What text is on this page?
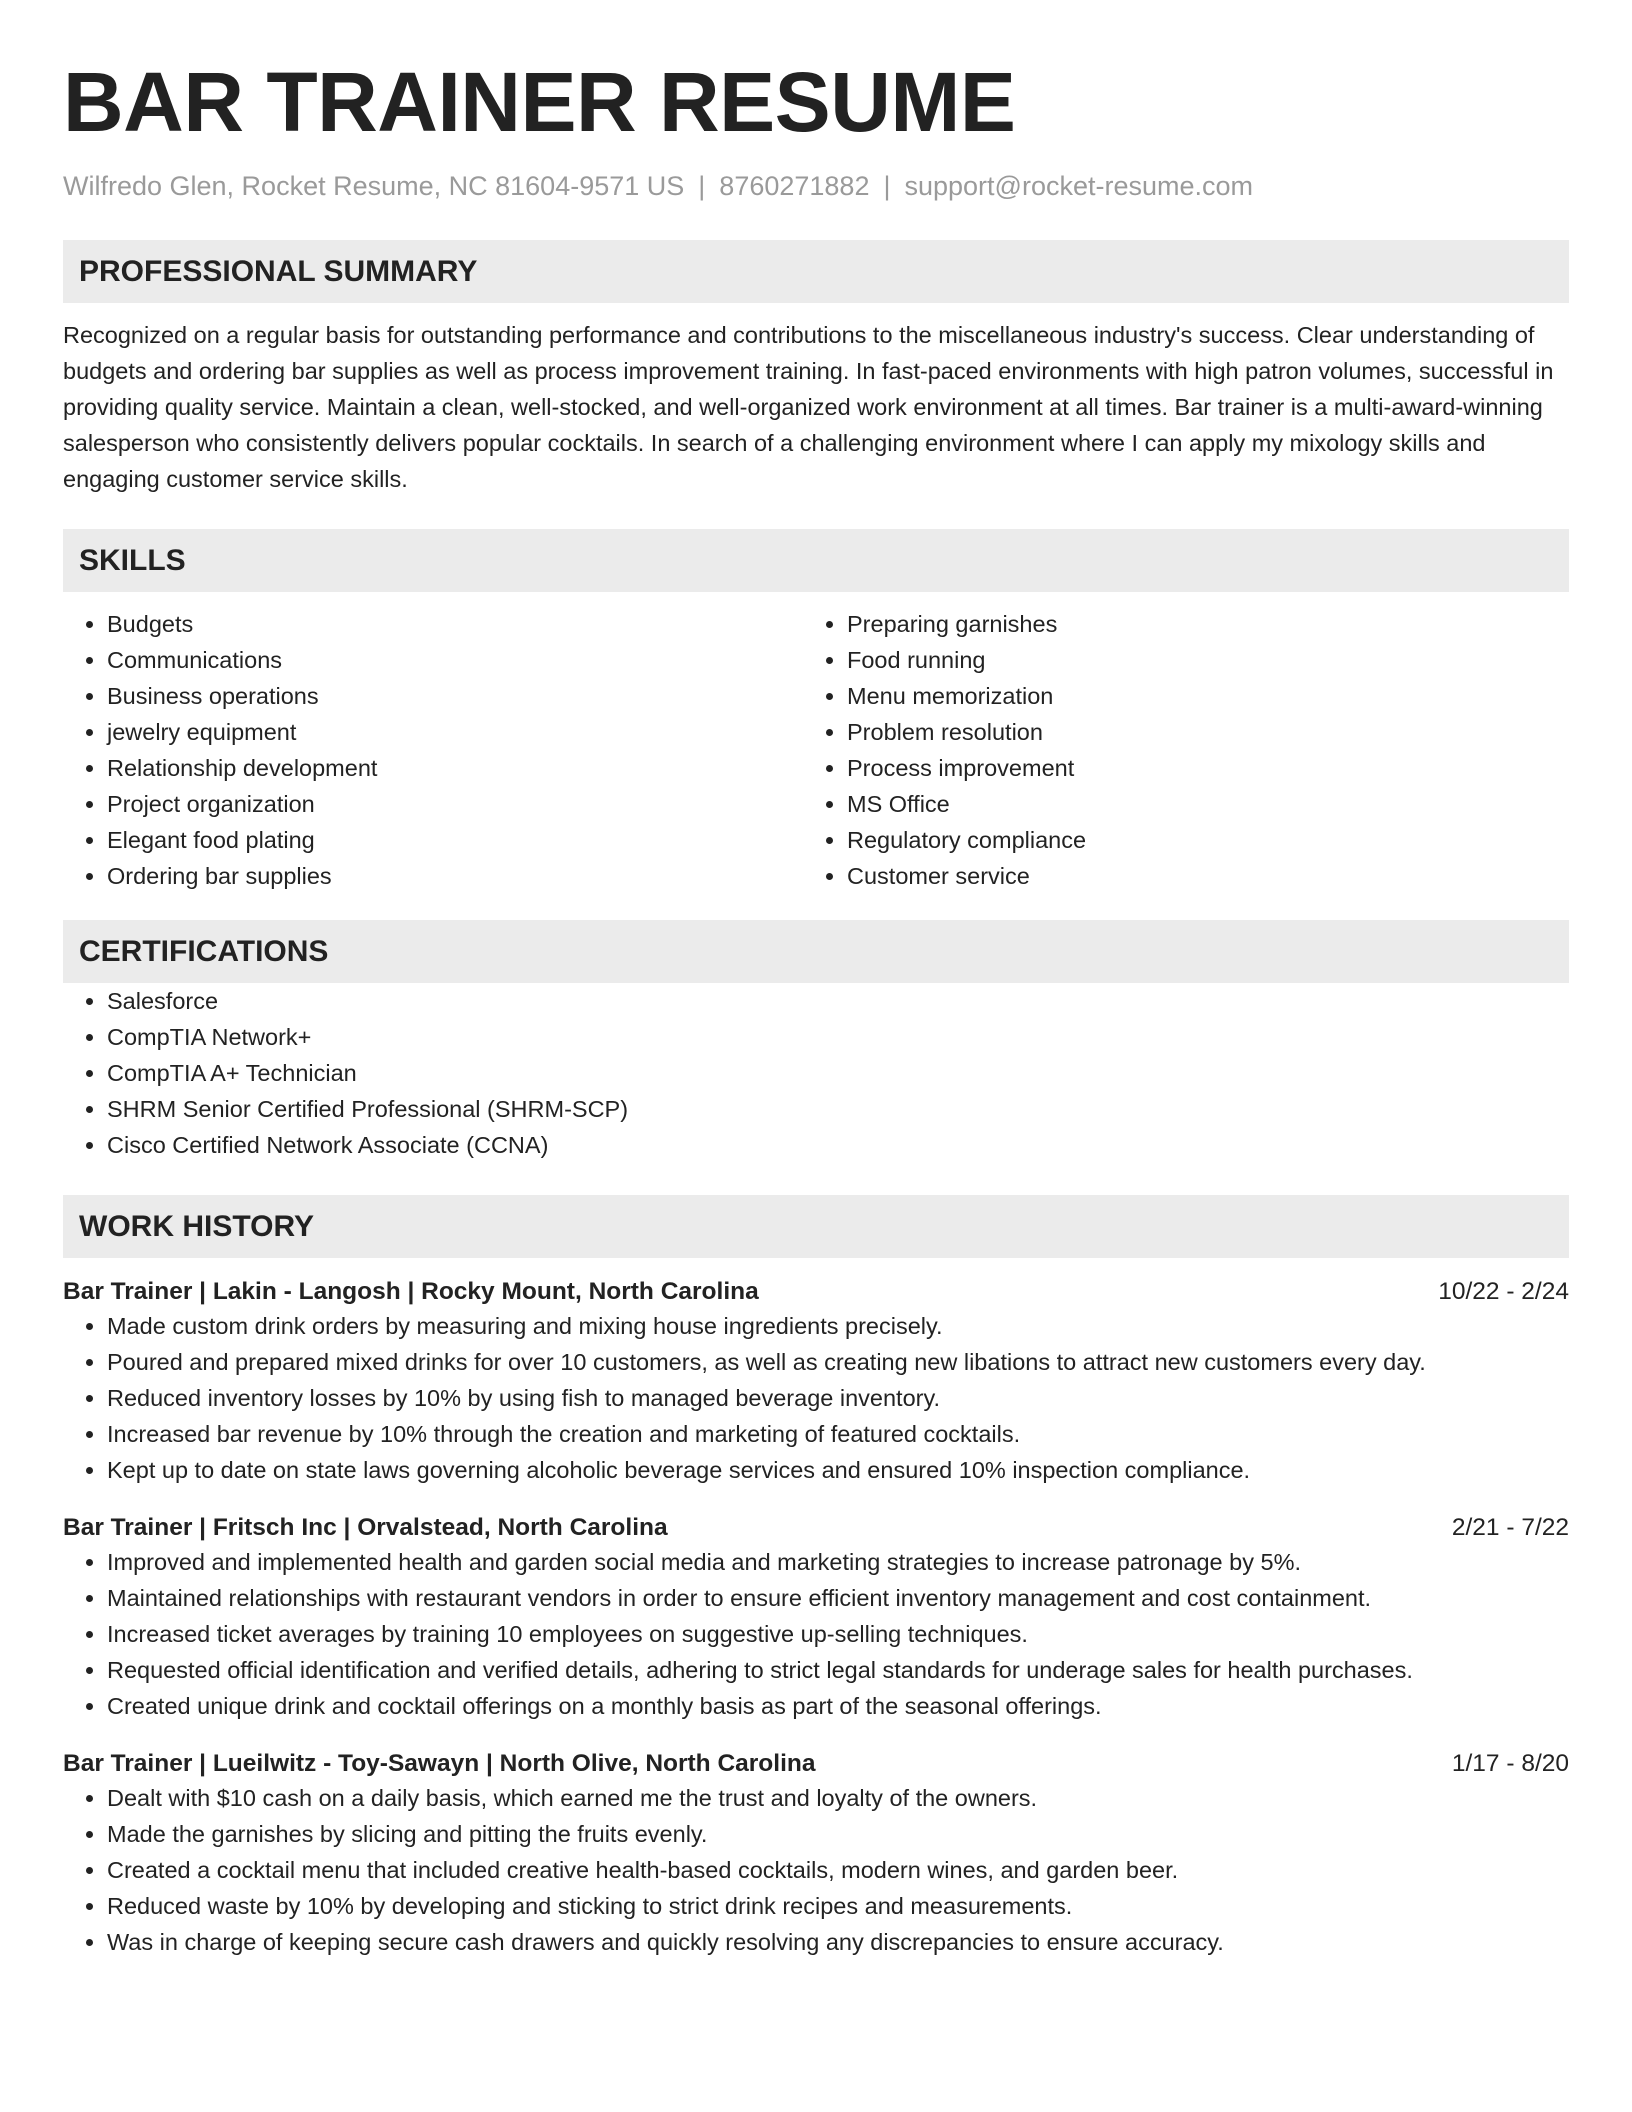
BAR TRAINER RESUME
Wilfredo Glen, Rocket Resume, NC 81604-9571 US | 8760271882 | support@rocket-resume.com
PROFESSIONAL SUMMARY

Recognized on a regular basis for outstanding performance and contributions to the miscellaneous industry's success. Clear understanding of budgets and ordering bar supplies as well as process improvement training. In fast-paced environments with high patron volumes, successful in providing quality service. Maintain a clean, well-stocked, and well-organized work environment at all times. Bar trainer is a multi-award-winning salesperson who consistently delivers popular cocktails. In search of a challenging environment where I can apply my mixology skills and engaging customer service skills.

SKILLS
• Budgets
• Communications
• Business operations
• jewelry equipment
• Relationship development
• Project organization
• Elegant food plating
• Ordering bar supplies
• Preparing garnishes
• Food running
• Menu memorization
• Problem resolution
• Process improvement
• MS Office
• Regulatory compliance
• Customer service
CERTIFICATIONS
• Salesforce
• CompTIA Network+
• CompTIA A+ Technician
• SHRM Senior Certified Professional (SHRM-SCP)
• Cisco Certified Network Associate (CCNA)
WORK HISTORY
Bar Trainer | Lakin - Langosh | Rocky Mount, North Carolina	10/22 - 2/24
• Made custom drink orders by measuring and mixing house ingredients precisely.
• Poured and prepared mixed drinks for over 10 customers, as well as creating new libations to attract new customers every day.
• Reduced inventory losses by 10% by using fish to managed beverage inventory.
• Increased bar revenue by 10% through the creation and marketing of featured cocktails.
• Kept up to date on state laws governing alcoholic beverage services and ensured 10% inspection compliance.
Bar Trainer | Fritsch Inc | Orvalstead, North Carolina	2/21 - 7/22
• Improved and implemented health and garden social media and marketing strategies to increase patronage by 5%.
• Maintained relationships with restaurant vendors in order to ensure efficient inventory management and cost containment.
• Increased ticket averages by training 10 employees on suggestive up-selling techniques.
• Requested official identification and verified details, adhering to strict legal standards for underage sales for health purchases.
• Created unique drink and cocktail offerings on a monthly basis as part of the seasonal offerings.
Bar Trainer | Lueilwitz - Toy-Sawayn | North Olive, North Carolina	1/17 - 8/20
• Dealt with $10 cash on a daily basis, which earned me the trust and loyalty of the owners.
• Made the garnishes by slicing and pitting the fruits evenly.
• Created a cocktail menu that included creative health-based cocktails, modern wines, and garden beer.
• Reduced waste by 10% by developing and sticking to strict drink recipes and measurements.
• Was in charge of keeping secure cash drawers and quickly resolving any discrepancies to ensure accuracy.
